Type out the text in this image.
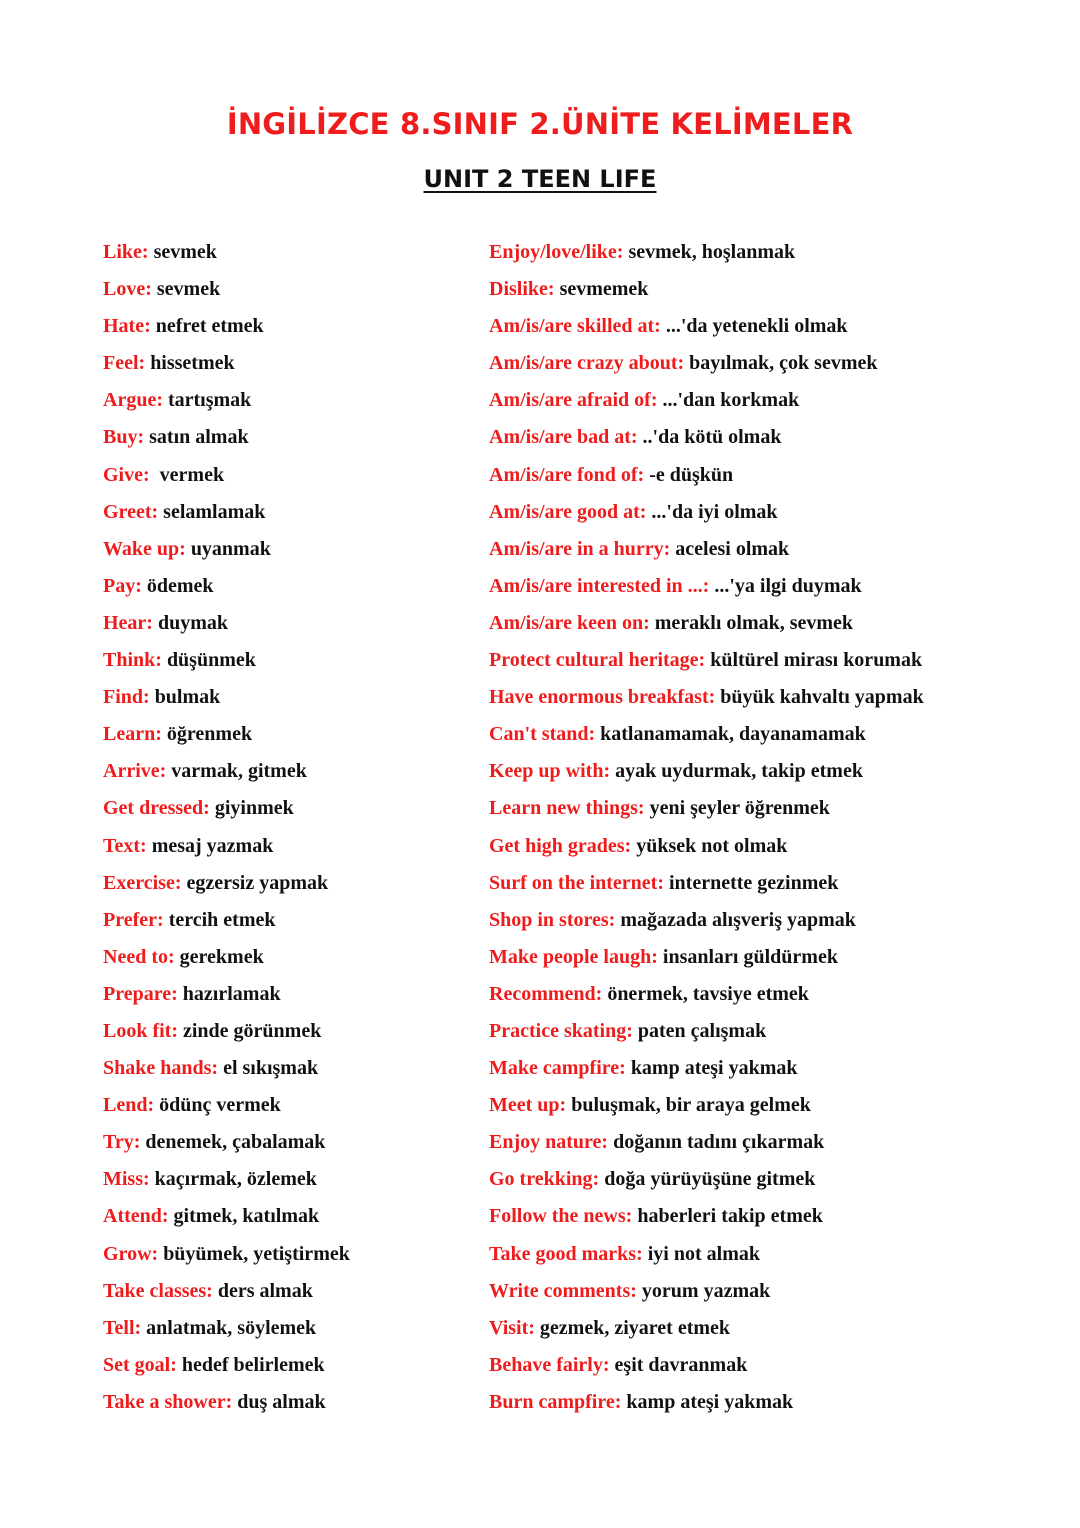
İNGİLİZCE 8.SINIF 2.ÜNİTE KELİMELER
UNIT 2 TEEN LIFE
Like: sevmek
Love: sevmek
Hate: nefret etmek
Feel: hissetmek
Argue: tartışmak
Buy: satın almak
Give:  vermek
Greet: selamlamak
Wake up: uyanmak
Pay: ödemek
Hear: duymak
Think: düşünmek
Find: bulmak
Learn: öğrenmek
Arrive: varmak, gitmek
Get dressed: giyinmek
Text: mesaj yazmak
Exercise: egzersiz yapmak
Prefer: tercih etmek
Need to: gerekmek
Prepare: hazırlamak
Look fit: zinde görünmek
Shake hands: el sıkışmak
Lend: ödünç vermek
Try: denemek, çabalamak
Miss: kaçırmak, özlemek
Attend: gitmek, katılmak
Grow: büyümek, yetiştirmek
Take classes: ders almak
Tell: anlatmak, söylemek
Set goal: hedef belirlemek
Take a shower: duş almak
Enjoy/love/like: sevmek, hoşlanmak
Dislike: sevmemek
Am/is/are skilled at: ...'da yetenekli olmak
Am/is/are crazy about: bayılmak, çok sevmek
Am/is/are afraid of: ...'dan korkmak
Am/is/are bad at: ..'da kötü olmak
Am/is/are fond of: -e düşkün
Am/is/are good at: ...'da iyi olmak
Am/is/are in a hurry: acelesi olmak
Am/is/are interested in ...: ...'ya ilgi duymak
Am/is/are keen on: meraklı olmak, sevmek
Protect cultural heritage: kültürel mirası korumak
Have enormous breakfast: büyük kahvaltı yapmak
Can't stand: katlanamamak, dayanamamak
Keep up with: ayak uydurmak, takip etmek
Learn new things: yeni şeyler öğrenmek
Get high grades: yüksek not olmak
Surf on the internet: internette gezinmek
Shop in stores: mağazada alışveriş yapmak
Make people laugh: insanları güldürmek
Recommend: önermek, tavsiye etmek
Practice skating: paten çalışmak
Make campfire: kamp ateşi yakmak
Meet up: buluşmak, bir araya gelmek
Enjoy nature: doğanın tadını çıkarmak
Go trekking: doğa yürüyüşüne gitmek
Follow the news: haberleri takip etmek
Take good marks: iyi not almak
Write comments: yorum yazmak
Visit: gezmek, ziyaret etmek
Behave fairly: eşit davranmak
Burn campfire: kamp ateşi yakmak
